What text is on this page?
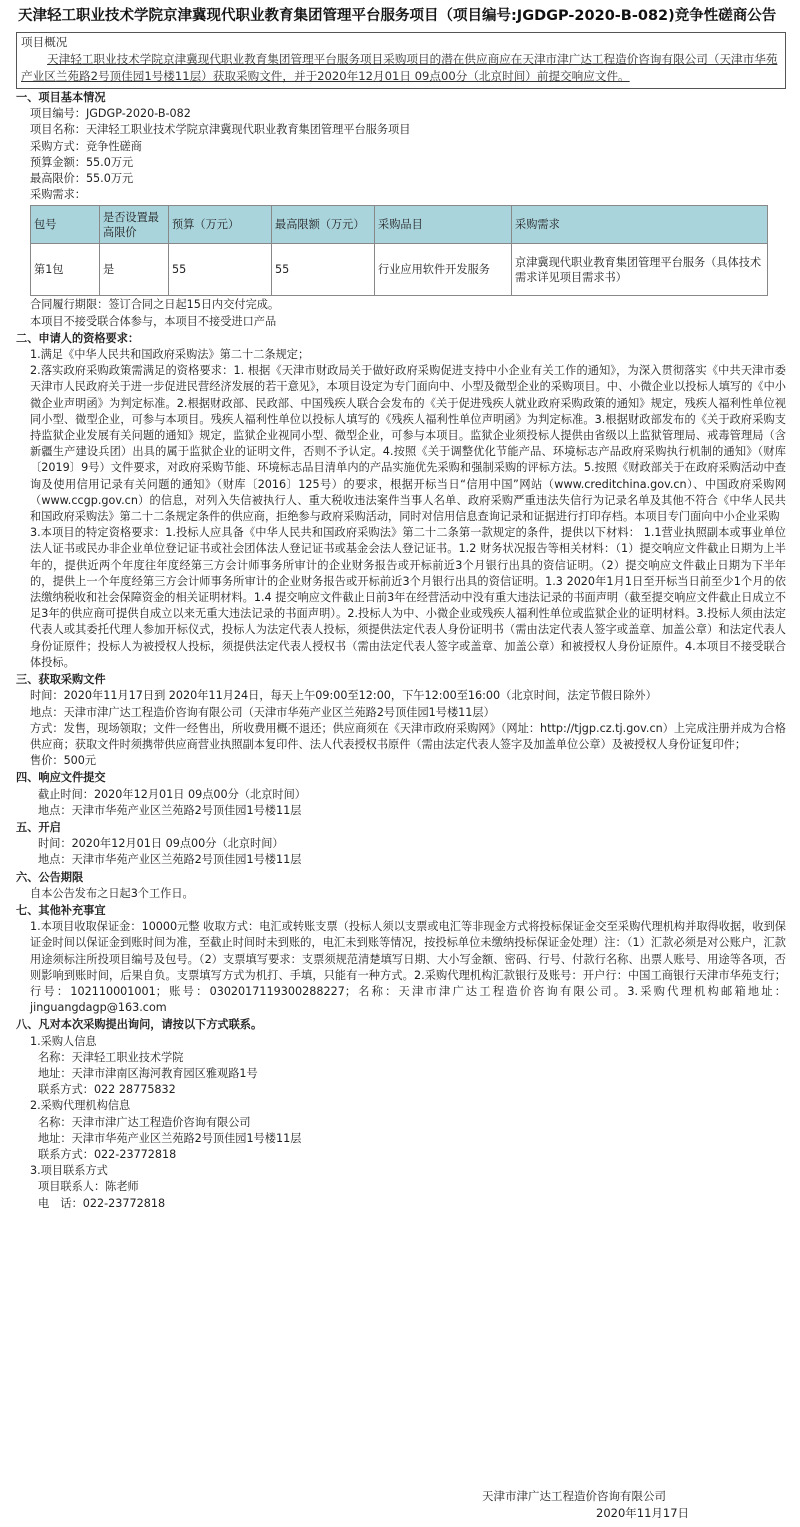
天津轻工职业技术学院京津冀现代职业教育集团管理平台服务项目（项目编号:JGDGP-2020-B-082)竞争性磋商公告
项目概况
天津轻工职业技术学院京津冀现代职业教育集团管理平台服务项目采购项目的潜在供应商应在天津市津广达工程造价咨询有限公司（天津市华苑产业区兰苑路2号顶佳园1号楼11层）获取采购文件，并于2020年12月01日 09点00分（北京时间）前提交响应文件。
一、项目基本情况
项目编号：JGDGP-2020-B-082
项目名称：天津轻工职业技术学院京津冀现代职业教育集团管理平台服务项目
采购方式：竞争性磋商
预算金额：55.0万元
最高限价：55.0万元
采购需求：
包号	是否设置最高限价	预算（万元）	最高限额（万元）	采购品目	采购需求
第1包	是	55	55	行业应用软件开发服务	京津冀现代职业教育集团管理平台服务（具体技术需求详见项目需求书）
合同履行期限：签订合同之日起15日内交付完成。
本项目不接受联合体参与，本项目不接受进口产品
二、申请人的资格要求：
1.满足《中华人民共和国政府采购法》第二十二条规定；
2.落实政府采购政策需满足的资格要求：1. 根据《天津市财政局关于做好政府采购促进支持中小企业有关工作的通知》，为深入贯彻落实《中共天津市委天津市人民政府关于进一步促进民营经济发展的若干意见》，本项目设定为专门面向中、小型及微型企业的采购项目。中、小微企业以投标人填写的《中小微企业声明函》为判定标准。2.根据财政部、民政部、中国残疾人联合会发布的《关于促进残疾人就业政府采购政策的通知》规定，残疾人福利性单位视同小型、微型企业，可参与本项目。残疾人福利性单位以投标人填写的《残疾人福利性单位声明函》为判定标准。3.根据财政部发布的《关于政府采购支持监狱企业发展有关问题的通知》规定，监狱企业视同小型、微型企业，可参与本项目。监狱企业须投标人提供由省级以上监狱管理局、戒毒管理局（含新疆生产建设兵团）出具的属于监狱企业的证明文件，否则不予认定。4.按照《关于调整优化节能产品、环境标志产品政府采购执行机制的通知》（财库〔2019〕9号）文件要求，对政府采购节能、环境标志品目清单内的产品实施优先采购和强制采购的评标方法。5.按照《财政部关于在政府采购活动中查询及使用信用记录有关问题的通知》（财库〔2016〕125号）的要求，根据开标当日“信用中国”网站（www.creditchina.gov.cn）、中国政府采购网（www.ccgp.gov.cn）的信息，对列入失信被执行人、重大税收违法案件当事人名单、政府采购严重违法失信行为记录名单及其他不符合《中华人民共和国政府采购法》第二十二条规定条件的供应商，拒绝参与政府采购活动，同时对信用信息查询记录和证据进行打印存档。本项目专门面向中小企业采购
3.本项目的特定资格要求：1.投标人应具备《中华人民共和国政府采购法》第二十二条第一款规定的条件，提供以下材料： 1.1营业执照副本或事业单位法人证书或民办非企业单位登记证书或社会团体法人登记证书或基金会法人登记证书。1.2 财务状况报告等相关材料：（1）提交响应文件截止日期为上半年的，提供近两个年度往年度经第三方会计师事务所审计的企业财务报告或开标前近3个月银行出具的资信证明。（2）提交响应文件截止日期为下半年的，提供上一个年度经第三方会计师事务所审计的企业财务报告或开标前近3个月银行出具的资信证明。1.3 2020年1月1日至开标当日前至少1个月的依法缴纳税收和社会保障资金的相关证明材料。1.4 提交响应文件截止日前3年在经营活动中没有重大违法记录的书面声明（截至提交响应文件截止日成立不足3年的供应商可提供自成立以来无重大违法记录的书面声明）。2.投标人为中、小微企业或残疾人福利性单位或监狱企业的证明材料。3.投标人须由法定代表人或其委托代理人参加开标仪式，投标人为法定代表人投标，须提供法定代表人身份证明书（需由法定代表人签字或盖章、加盖公章）和法定代表人身份证原件；投标人为被授权人投标，须提供法定代表人授权书（需由法定代表人签字或盖章、加盖公章）和被授权人身份证原件。4.本项目不接受联合体投标。
三、获取采购文件
时间：2020年11月17日到 2020年11月24日，每天上午09:00至12:00，下午12:00至16:00（北京时间，法定节假日除外）
地点：天津市津广达工程造价咨询有限公司（天津市华苑产业区兰苑路2号顶佳园1号楼11层）
方式：发售，现场领取；文件一经售出，所收费用概不退还；供应商须在《天津市政府采购网》（网址：http://tjgp.cz.tj.gov.cn）上完成注册并成为合格供应商；获取文件时须携带供应商营业执照副本复印件、法人代表授权书原件（需由法定代表人签字及加盖单位公章）及被授权人身份证复印件；
售价：500元
四、响应文件提交
截止时间：2020年12月01日 09点00分（北京时间）
地点：天津市华苑产业区兰苑路2号顶佳园1号楼11层
五、开启
时间：2020年12月01日 09点00分（北京时间）
地点：天津市华苑产业区兰苑路2号顶佳园1号楼11层
六、公告期限
自本公告发布之日起3个工作日。
七、其他补充事宜
1.本项目收取保证金：10000元整 收取方式：电汇或转账支票（投标人须以支票或电汇等非现金方式将投标保证金交至采购代理机构并取得收据，收到保证金时间以保证金到账时间为准，至截止时间时未到账的，电汇未到账等情况，按投标单位未缴纳投标保证金处理）注：（1）汇款必须是对公账户，汇款用途须标注所投项目编号及包号。（2）支票填写要求：支票须规范清楚填写日期、大小写金额、密码、行号、付款行名称、出票人账号、用途等各项，否则影响到账时间，后果自负。支票填写方式为机打、手填，只能有一种方式。2.采购代理机构汇款银行及账号：开户行：中国工商银行天津市华苑支行；行号：102110001001；账号：0302017119300288227；名称：天津市津广达工程造价咨询有限公司。3.采购代理机构邮箱地址：jinguangdagp@163.com
八、凡对本次采购提出询问，请按以下方式联系。
1.采购人信息
名称：天津轻工职业技术学院
地址：天津市津南区海河教育园区雅观路1号
联系方式：022 28775832
2.采购代理机构信息
名称：天津市津广达工程造价咨询有限公司
地址：天津市华苑产业区兰苑路2号顶佳园1号楼11层
联系方式：022-23772818
3.项目联系方式
项目联系人：陈老师
电　话：022-23772818
天津市津广达工程造价咨询有限公司
2020年11月17日
